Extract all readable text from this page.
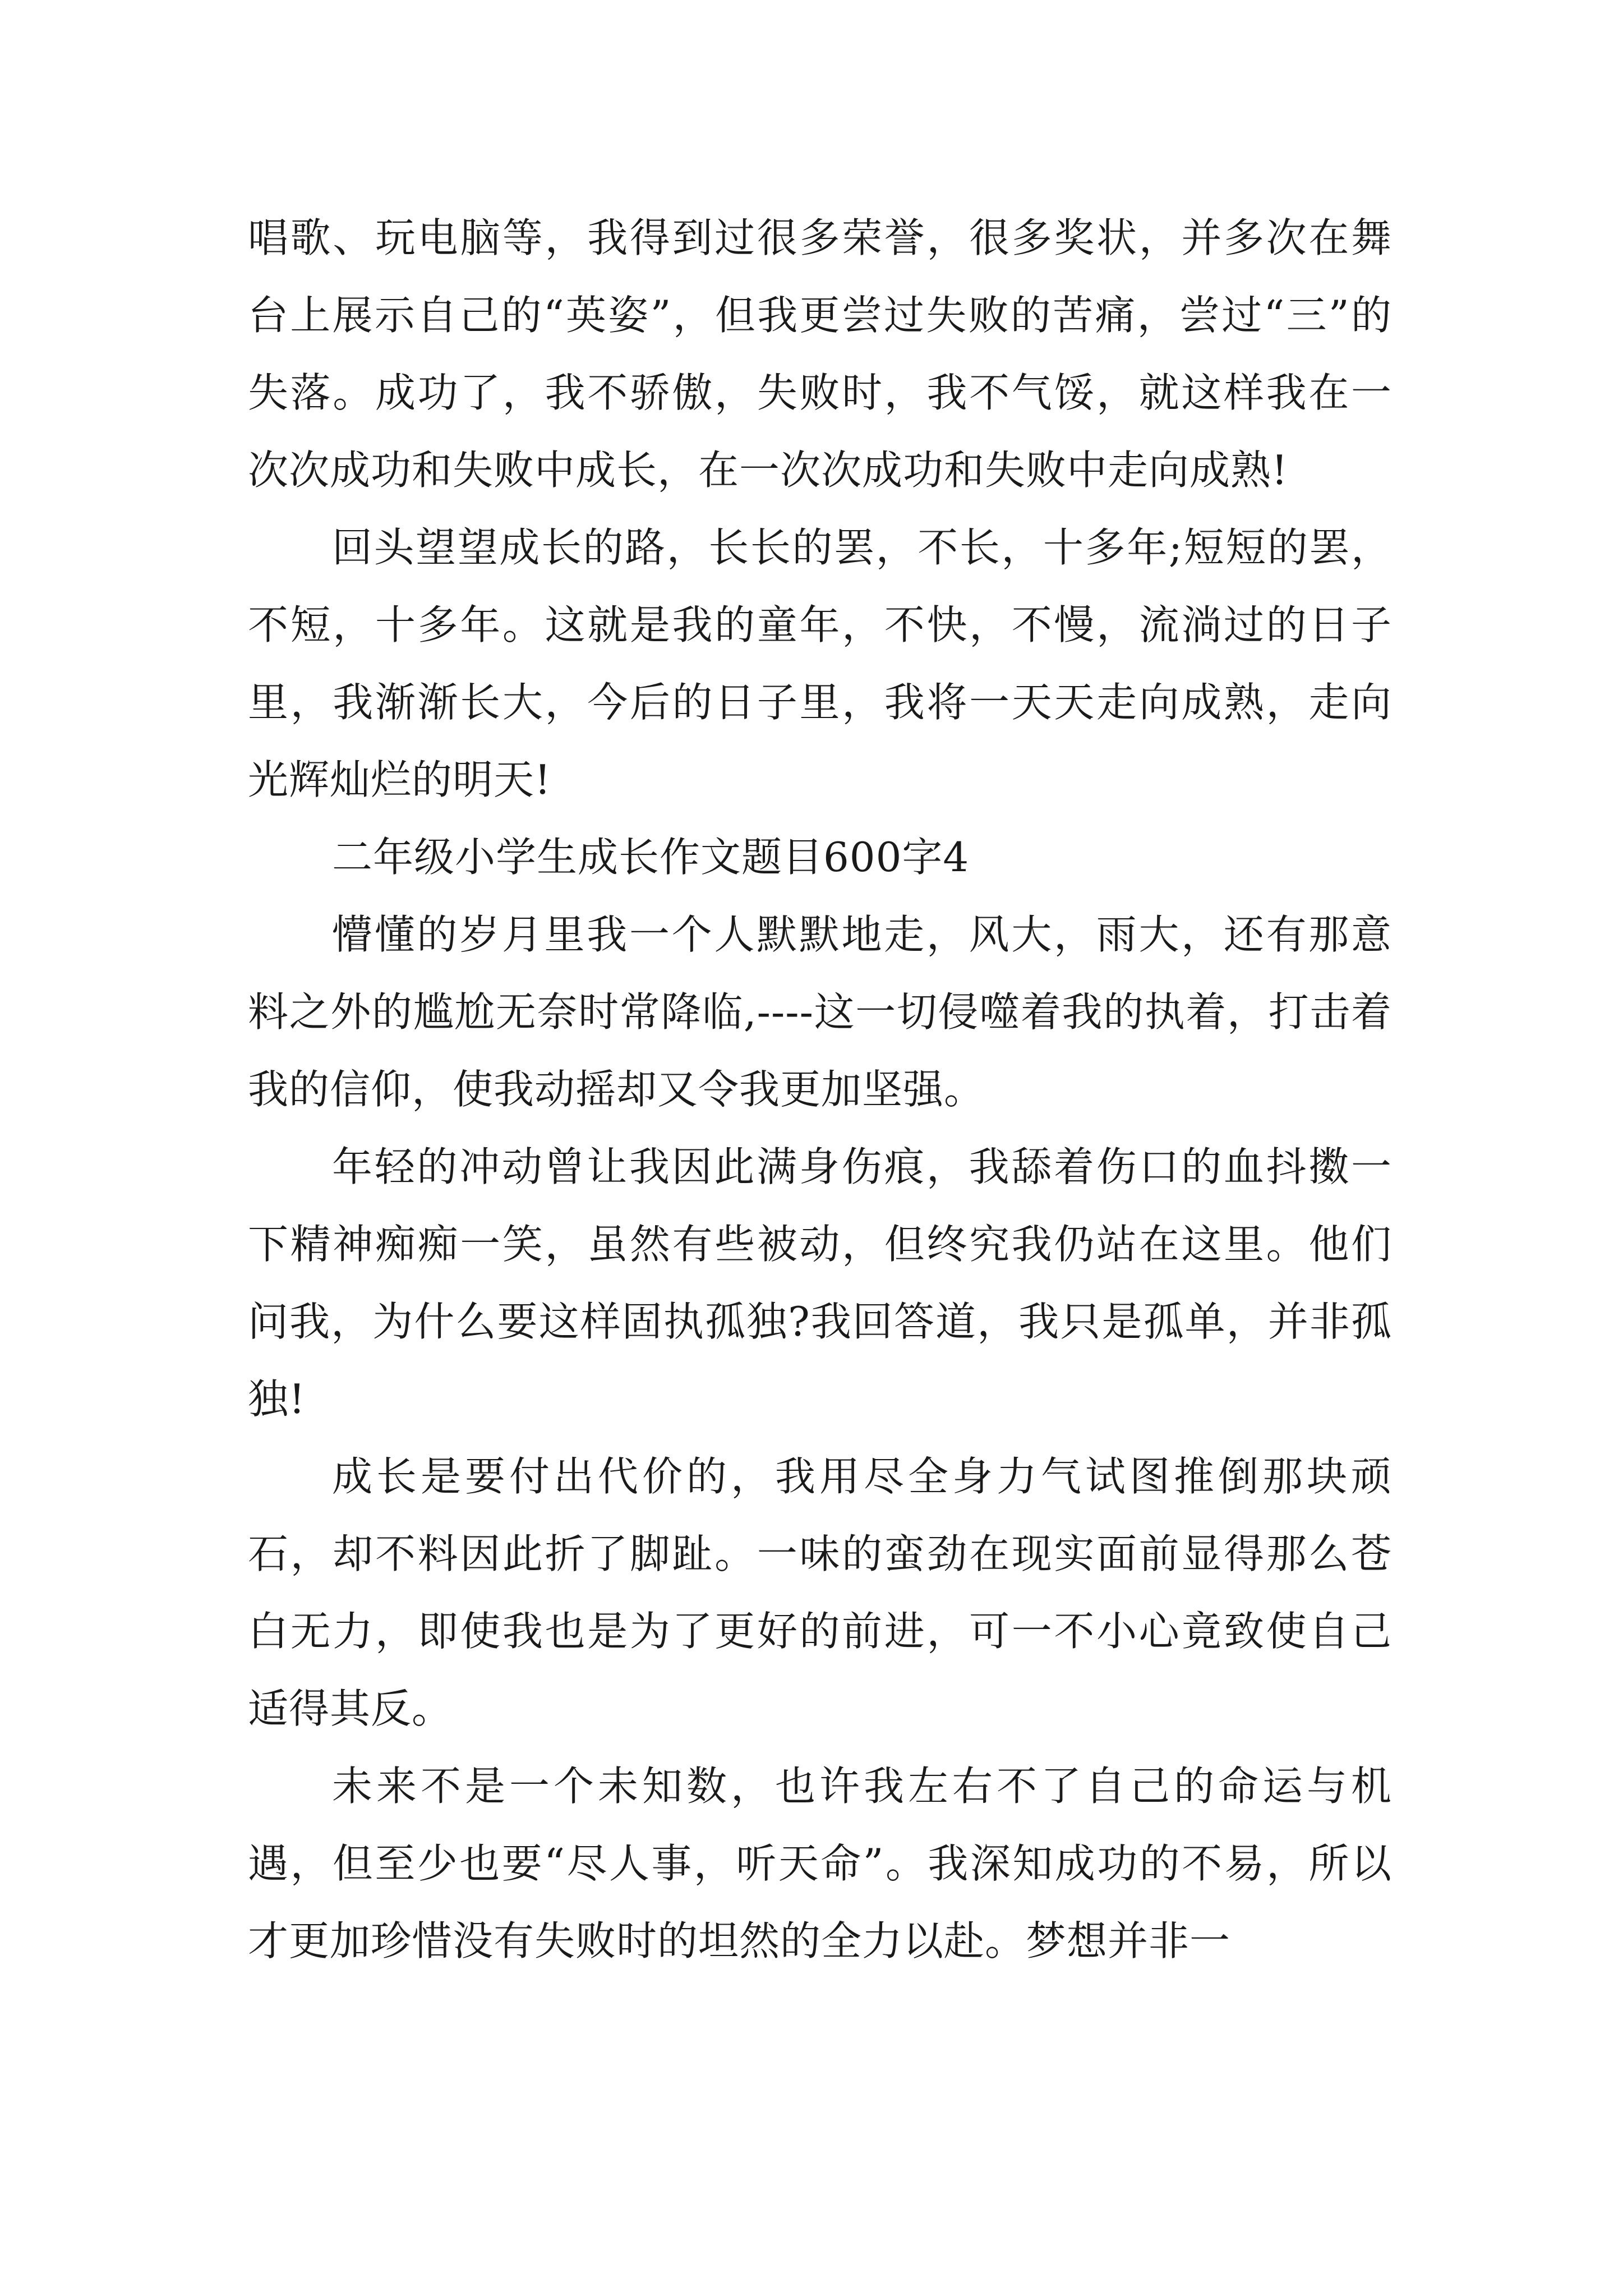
唱歌、玩电脑等，我得到过很多荣誉，很多奖状，并多次在舞台上展示自己的“英姿”，但我更尝过失败的苦痛，尝过“三”的失落。成功了，我不骄傲，失败时，我不气馁，就这样我在一次次成功和失败中成长，在一次次成功和失败中走向成熟!

回头望望成长的路，长长的罢，不长，十多年;短短的罢，不短，十多年。这就是我的童年，不快，不慢，流淌过的日子里，我渐渐长大，今后的日子里，我将一天天走向成熟，走向光辉灿烂的明天!

二年级小学生成长作文题目600字4

懵懂的岁月里我一个人默默地走，风大，雨大，还有那意料之外的尴尬无奈时常降临,----这一切侵噬着我的执着，打击着我的信仰，使我动摇却又令我更加坚强。

年轻的冲动曾让我因此满身伤痕，我舔着伤口的血抖擞一下精神痴痴一笑，虽然有些被动，但终究我仍站在这里。他们问我，为什么要这样固执孤独?我回答道，我只是孤单，并非孤独!

成长是要付出代价的，我用尽全身力气试图推倒那块顽石，却不料因此折了脚趾。一味的蛮劲在现实面前显得那么苍白无力，即使我也是为了更好的前进，可一不小心竟致使自己适得其反。

未来不是一个未知数，也许我左右不了自己的命运与机遇，但至少也要“尽人事，听天命”。我深知成功的不易，所以才更加珍惜没有失败时的坦然的全力以赴。梦想并非一
